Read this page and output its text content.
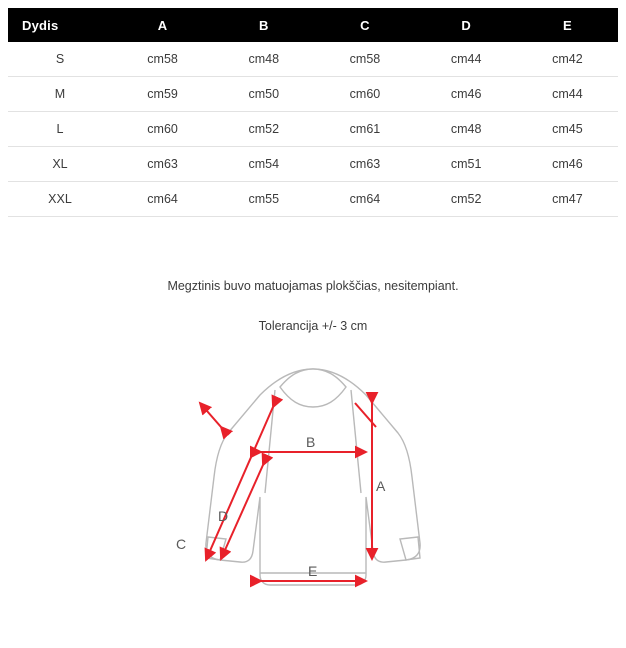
Dydis	A	B	C	D	E
S	cm58	cm48	cm58	cm44	cm42
M	cm59	cm50	cm60	cm46	cm44
L	cm60	cm52	cm61	cm48	cm45
XL	cm63	cm54	cm63	cm51	cm46
XXL	cm64	cm55	cm64	cm52	cm47
Megztinis buvo matuojamas plokščias, nesitempiant.
Tolerancija +/- 3 cm
A
B
C
D
E
